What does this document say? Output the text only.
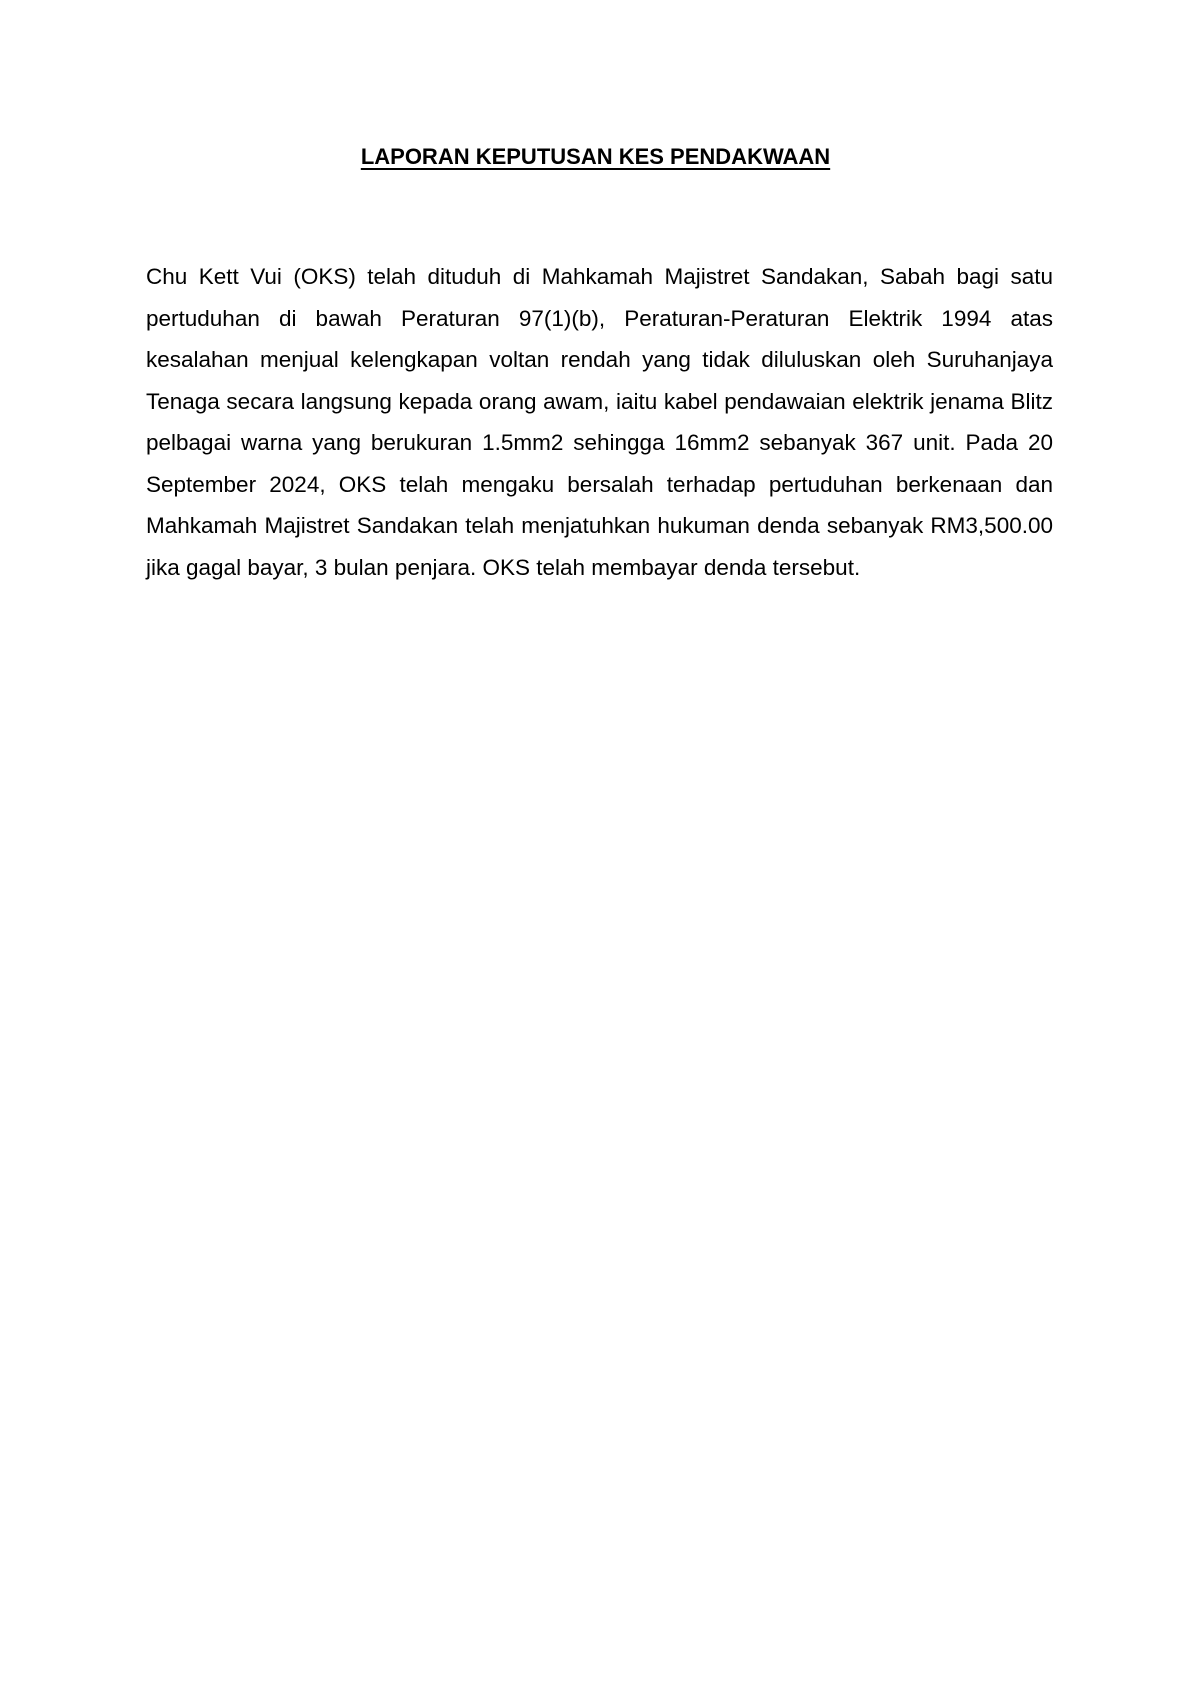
LAPORAN KEPUTUSAN KES PENDAKWAAN

Chu Kett Vui (OKS) telah dituduh di Mahkamah Majistret Sandakan, Sabah bagi satu pertuduhan di bawah Peraturan 97(1)(b), Peraturan-Peraturan Elektrik 1994 atas kesalahan menjual kelengkapan voltan rendah yang tidak diluluskan oleh Suruhanjaya Tenaga secara langsung kepada orang awam, iaitu kabel pendawaian elektrik jenama Blitz pelbagai warna yang berukuran 1.5mm2 sehingga 16mm2 sebanyak 367 unit. Pada 20 September 2024, OKS telah mengaku bersalah terhadap pertuduhan berkenaan dan Mahkamah Majistret Sandakan telah menjatuhkan hukuman denda sebanyak RM3,500.00 jika gagal bayar, 3 bulan penjara. OKS telah membayar denda tersebut.
